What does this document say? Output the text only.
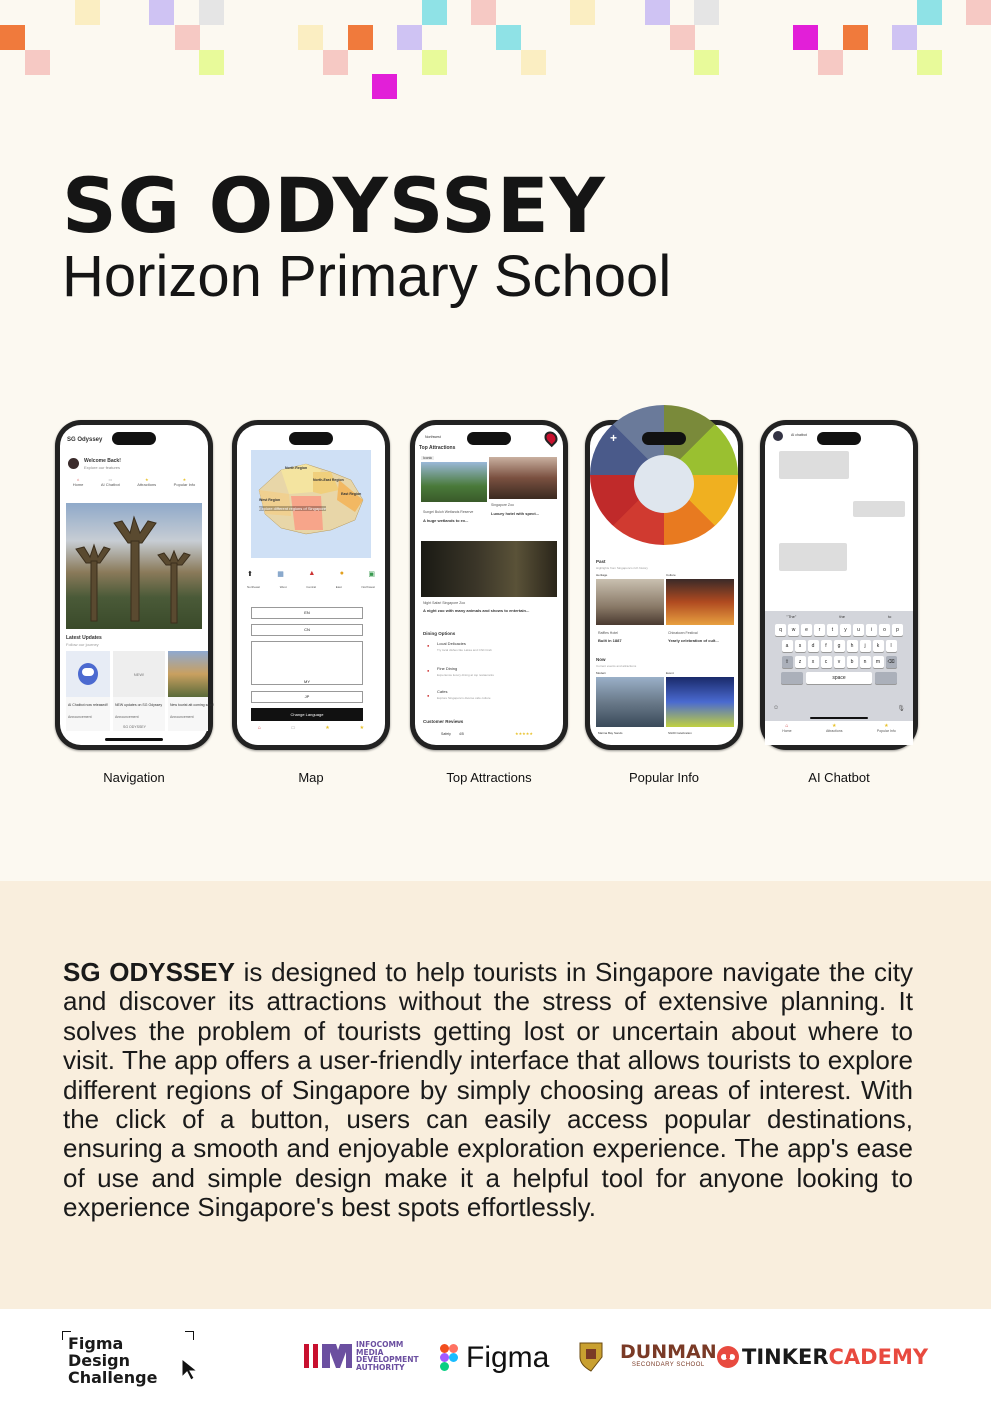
SG ODYSSEY
Horizon Primary School
SG Odyssey
Welcome Back!
Explore our features
⌂
Home
▭
AI Chatbot
★
Attractions
★
Popular Info
Latest Updates
Follow our journey
AI Chatbot now released!!
Announcement
NEW!
NEW updates on SG Odyssey
Announcement
SG ODYSSEY
New tourist att coming soon!
Announcement
Navigation
North Region
North-East Region
West Region
East Region
Explore different regions of Singapore
⬆	▦	▲	●	▣
Northeast	West	Central	East	Northwest
EN
CN
MY
JP
Change Language
⌂	▭	★	★
Map
Northwest
Top Attractions
Iconic
Sungei Buloh Wetlands Reserve
A huge wetlands to ex...
Singapore Zoo
Luxury hotel with spect...
Night Safari Singapore Zoo
A night zoo with many animals and shows to entertain...
Dining Options
● Local Delicacies
Try local dishes like Laksa and Chili Crab
● Fine Dining
Experience luxury dining at top restaurants
●
Cafes
Explore Singapore's diverse cafe culture
Customer Reviews
Safety 4/5	★★★★★
Top Attractions
+
Past
Highlights from Singapore's rich history
Heritage	Culture
Raffles Hotel
Built in 1887
Chinatown Festival
Yearly celebration of cult...
Now
Current events and attractions
Modern	Event
Marina Bay Sands	SG60 Celebration
Popular Info
AI chatbot
"The"	the	to
q	w	e	r	t	y	u	i	o	p
a	s	d	f	g	h	j	k	l
⇧	z	x	c	v	b	n	m	⌫
space
☺	🎙
⌂
Home
★
Attractions
★
Popular Info
AI Chatbot

SG ODYSSEY is designed to help tourists in Singapore navigate the city and discover its attractions without the stress of extensive planning. It solves the problem of tourists getting lost or uncertain about where to visit. The app offers a user-friendly interface that allows tourists to explore different regions of Singapore by simply choosing areas of interest. With the click of a button, users can easily access popular destinations, ensuring a smooth and enjoyable exploration experience. The app's ease of use and simple design make it a helpful tool for anyone looking to experience Singapore's best spots effortlessly.

Figma Design Challenge
INFOCOMM
MEDIA
DEVELOPMENT
AUTHORITY	Figma	DUNMAN
SECONDARY SCHOOL	TINKER CADEMY
